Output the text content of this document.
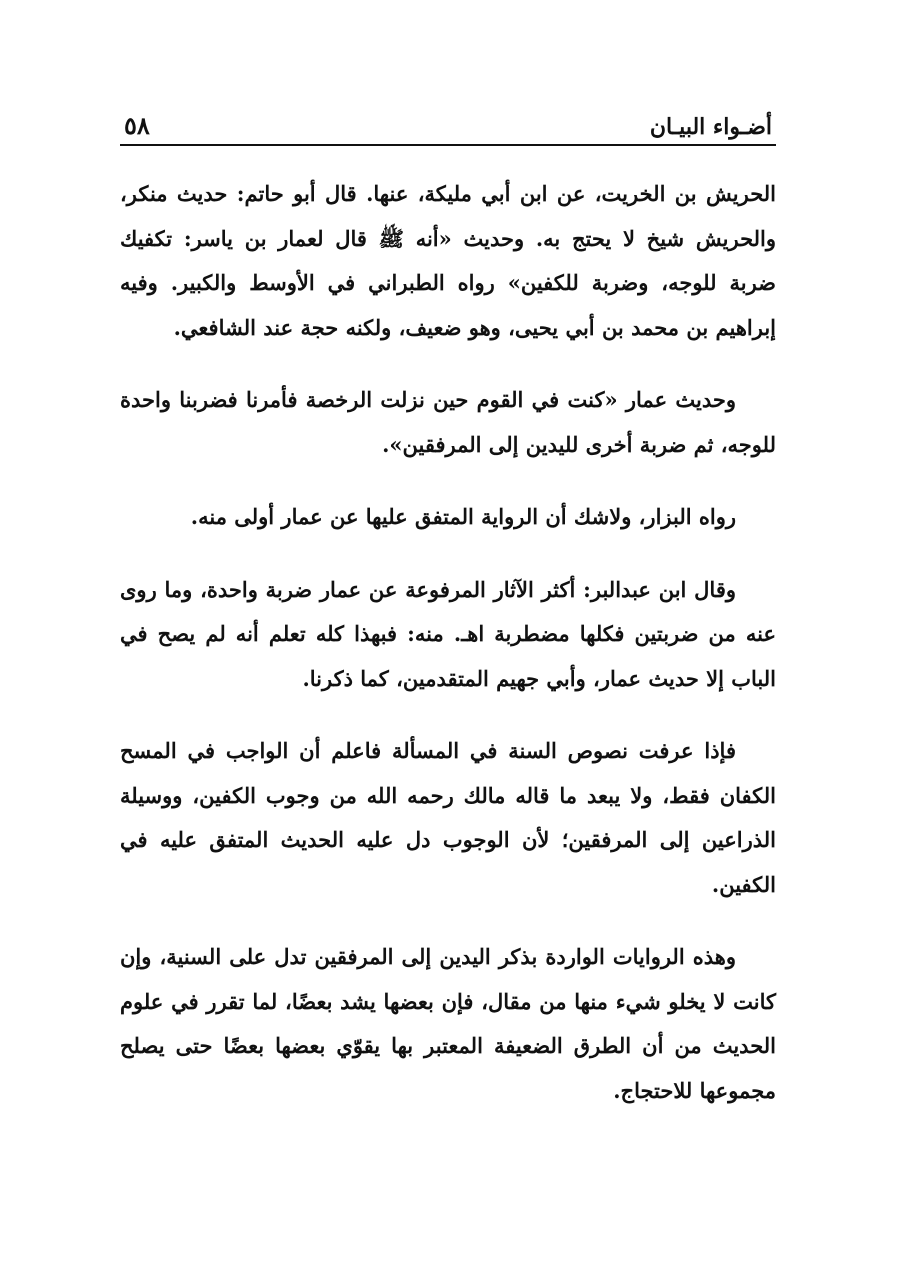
أضـواء البيـان
٥٨

الحريش بن الخريت، عن ابن أبي مليكة، عنها. قال أبو حاتم: حديث منكر، والحريش شيخ لا يحتج به. وحديث «أنه ﷺ قال لعمار بن ياسر: تكفيك ضربة للوجه، وضربة للكفين» رواه الطبراني في الأوسط والكبير. وفيه إبراهيم بن محمد بن أبي يحيى، وهو ضعيف، ولكنه حجة عند الشافعي.

وحديث عمار «كنت في القوم حين نزلت الرخصة فأمرنا فضربنا واحدة للوجه، ثم ضربة أخرى لليدين إلى المرفقين».

رواه البزار، ولاشك أن الرواية المتفق عليها عن عمار أولى منه.

وقال ابن عبدالبر: أكثر الآثار المرفوعة عن عمار ضربة واحدة، وما روى عنه من ضربتين فكلها مضطربة اهـ. منه: فبهذا كله تعلم أنه لم يصح في الباب إلا حديث عمار، وأبي جهيم المتقدمين، كما ذكرنا.

فإذا عرفت نصوص السنة في المسألة فاعلم أن الواجب في المسح الكفان فقط، ولا يبعد ما قاله مالك رحمه الله من وجوب الكفين، ووسيلة الذراعين إلى المرفقين؛ لأن الوجوب دل عليه الحديث المتفق عليه في الكفين.

وهذه الروايات الواردة بذكر اليدين إلى المرفقين تدل على السنية، وإن كانت لا يخلو شيء منها من مقال، فإن بعضها يشد بعضًا، لما تقرر في علوم الحديث من أن الطرق الضعيفة المعتبر بها يقوّي بعضها بعضًا حتى يصلح مجموعها للاحتجاج.
